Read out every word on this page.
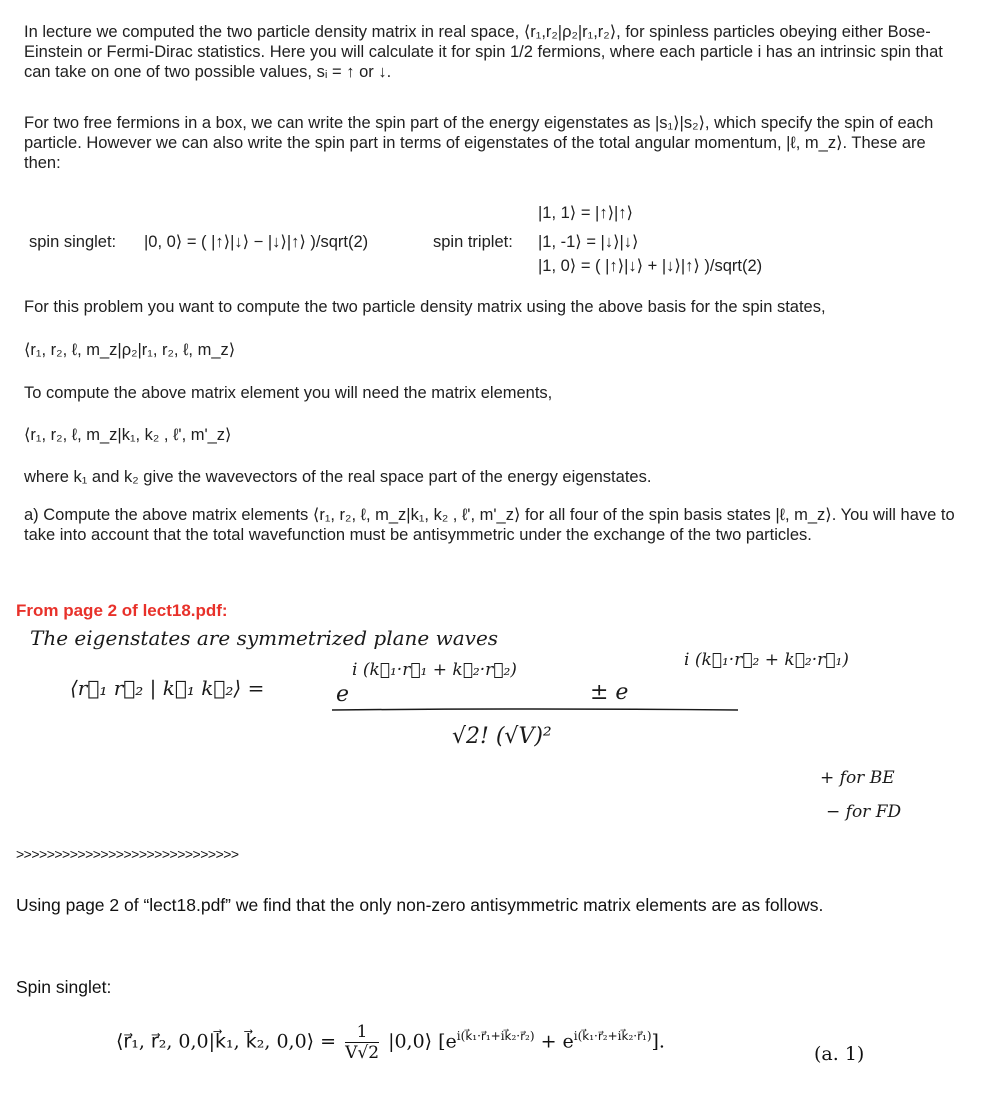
In lecture we computed the two particle density matrix in real space, ⟨r₁,r₂|ρ₂|r₁,r₂⟩, for spinless particles obeying either Bose-Einstein or Fermi-Dirac statistics. Here you will calculate it for spin 1/2 fermions, where each particle i has an intrinsic spin that can take on one of two possible values, sᵢ = ↑ or ↓.

For two free fermions in a box, we can write the spin part of the energy eigenstates as |s₁⟩|s₂⟩, which specify the spin of each particle. However we can also write the spin part in terms of eigenstates of the total angular momentum, |ℓ, m_z⟩. These are then:

|1, 1⟩ = |↑⟩|↑⟩
spin singlet: |0, 0⟩ = ( |↑⟩|↓⟩ − |↓⟩|↑⟩ )/sqrt(2)	spin triplet: |1, -1⟩ = |↓⟩|↓⟩
|1, 0⟩ = ( |↑⟩|↓⟩ + |↓⟩|↑⟩ )/sqrt(2)

For this problem you want to compute the two particle density matrix using the above basis for the spin states,

⟨r₁, r₂, ℓ, m_z|ρ₂|r₁, r₂, ℓ, m_z⟩

To compute the above matrix element you will need the matrix elements,

⟨r₁, r₂, ℓ, m_z|k₁, k₂ , ℓ', m'_z⟩

where k₁ and k₂ give the wavevectors of the real space part of the energy eigenstates.

a) Compute the above matrix elements ⟨r₁, r₂, ℓ, m_z|k₁, k₂ , ℓ', m'_z⟩ for all four of the spin basis states |ℓ, m_z⟩. You will have to take into account that the total wavefunction must be antisymmetric under the exchange of the two particles.

From page 2 of lect18.pdf:
The eigenstates are symmetrized plane waves
⟨r⃗₁ r⃗₂ | k⃗₁ k⃗₂⟩ =	e
i (k⃗₁·r⃗₁ + k⃗₂·r⃗₂)
± e
i (k⃗₁·r⃗₂ + k⃗₂·r⃗₁)
√2! (√V)²
+ for BE
− for FD
>>>>>>>>>>>>>>>>>>>>>>>>>>>>>
Using page 2 of “lect18.pdf” we find that the only non-zero antisymmetric matrix elements are as follows.
Spin singlet:
⟨r⃗₁, r⃗₂, 0,0|k⃗₁, k⃗₂, 0,0⟩ = $\frac{1}{V√2}$ |0,0⟩ $[e^{i(k⃗_1\cdot r⃗_1+ik⃗_2\cdot r⃗_2)} + e^{i(k⃗_1\cdot r⃗_2+ik⃗_2\cdot r⃗_1)}]$.
(a. 1)
